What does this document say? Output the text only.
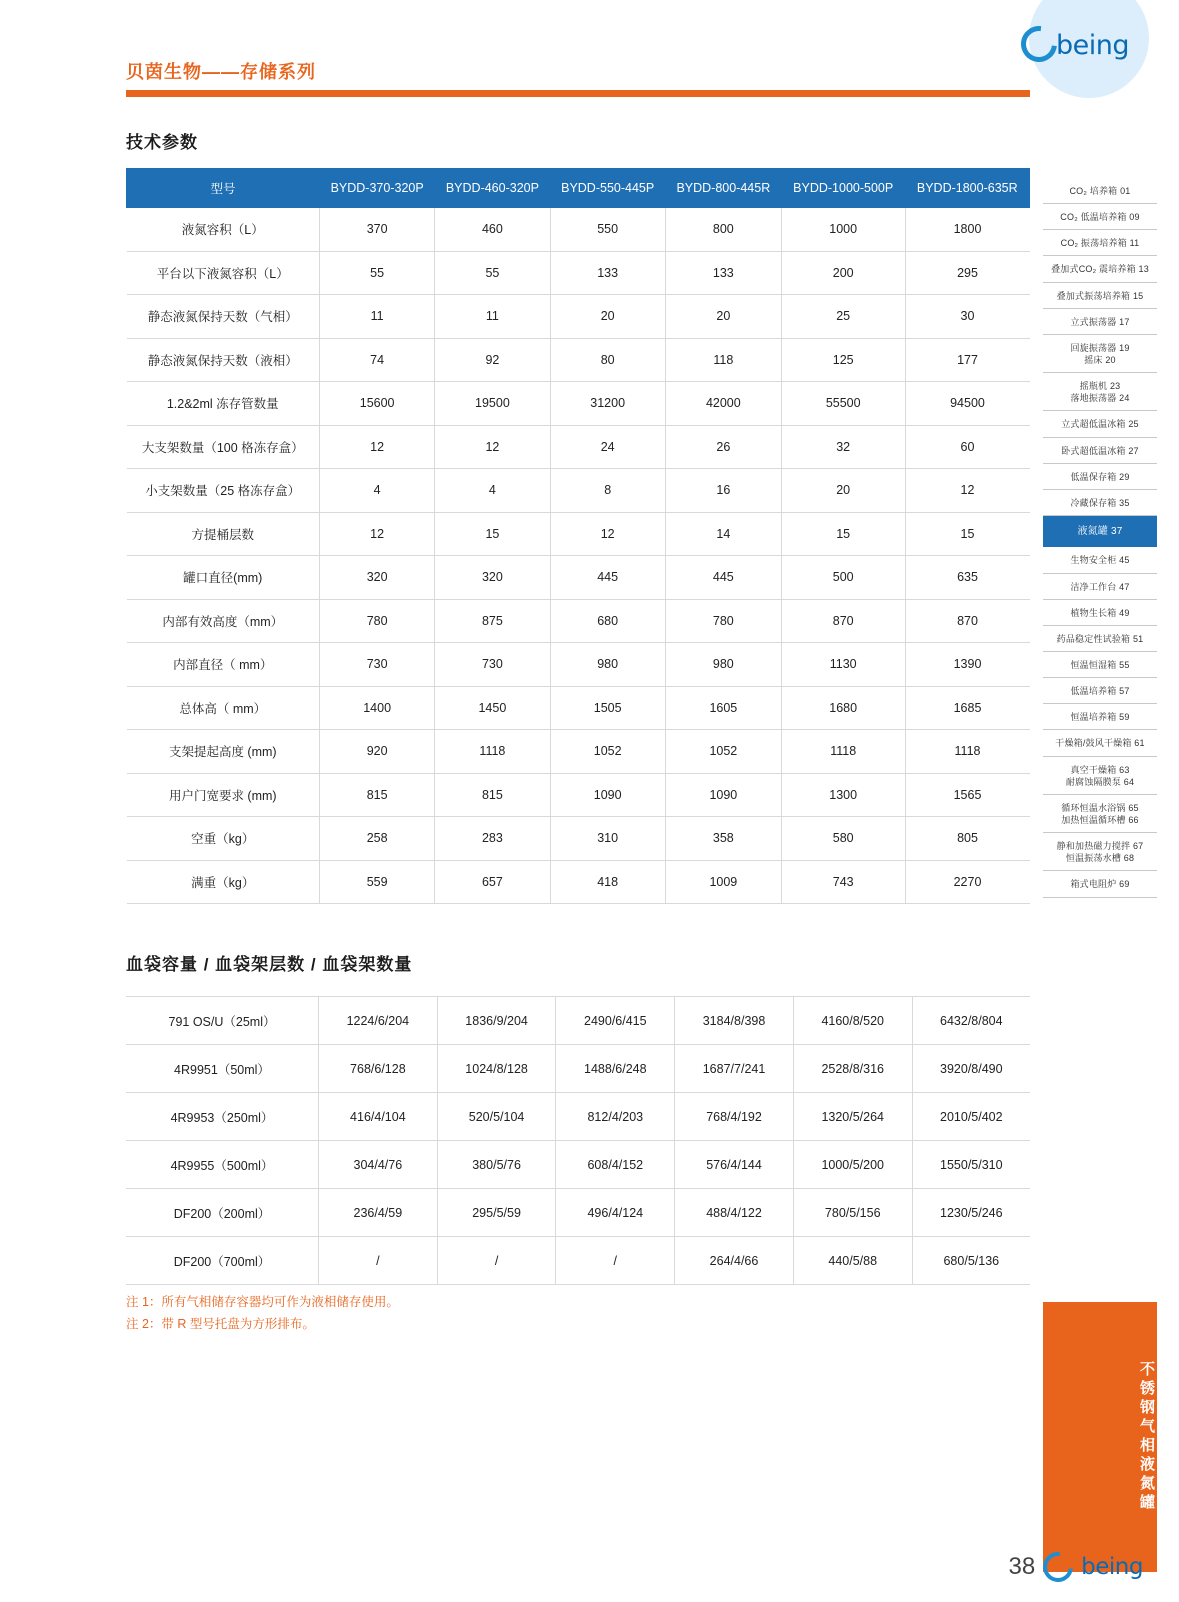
being
贝茵生物——存储系列
技术参数
型号	BYDD-370-320P	BYDD-460-320P	BYDD-550-445P	BYDD-800-445R	BYDD-1000-500P	BYDD-1800-635R
液氮容积（L）	370	460	550	800	1000	1800
平台以下液氮容积（L）	55	55	133	133	200	295
静态液氮保持天数（气相）	11	11	20	20	25	30
静态液氮保持天数（液相）	74	92	80	118	125	177
1.2&2ml 冻存管数量	15600	19500	31200	42000	55500	94500
大支架数量（100 格冻存盒）	12	12	24	26	32	60
小支架数量（25 格冻存盒）	4	4	8	16	20	12
方提桶层数	12	15	12	14	15	15
罐口直径(mm)	320	320	445	445	500	635
内部有效高度（mm）	780	875	680	780	870	870
内部直径（ mm）	730	730	980	980	1130	1390
总体高（ mm）	1400	1450	1505	1605	1680	1685
支架提起高度 (mm)	920	1118	1052	1052	1118	1118
用户门宽要求 (mm)	815	815	1090	1090	1300	1565
空重（kg）	258	283	310	358	580	805
满重（kg）	559	657	418	1009	743	2270
血袋容量 / 血袋架层数 / 血袋架数量
791 OS/U（25ml）	1224/6/204	1836/9/204	2490/6/415	3184/8/398	4160/8/520	6432/8/804
4R9951（50ml）	768/6/128	1024/8/128	1488/6/248	1687/7/241	2528/8/316	3920/8/490
4R9953（250ml）	416/4/104	520/5/104	812/4/203	768/4/192	1320/5/264	2010/5/402
4R9955（500ml）	304/4/76	380/5/76	608/4/152	576/4/144	1000/5/200	1550/5/310
DF200（200ml）	236/4/59	295/5/59	496/4/124	488/4/122	780/5/156	1230/5/246
DF200（700ml）	/	/	/	264/4/66	440/5/88	680/5/136
注 1：所有气相储存容器均可作为液相储存使用。
注 2：带 R 型号托盘为方形排布。
CO₂ 培养箱 01
CO₂ 低温培养箱 09
CO₂ 振荡培养箱 11
叠加式CO₂ 震培养箱 13
叠加式振荡培养箱 15
立式振荡器 17
回旋振荡器 19
摇床 20
摇瓶机 23
落地振荡器 24
立式超低温冰箱 25
卧式超低温冰箱 27
低温保存箱 29
冷藏保存箱 35
液氮罐 37
生物安全柜 45
洁净工作台 47
植物生长箱 49
药品稳定性试验箱 51
恒温恒湿箱 55
低温培养箱 57
恒温培养箱 59
干燥箱/鼓风干燥箱 61
真空干燥箱 63
耐腐蚀隔膜泵 64
循环恒温水浴锅 65
加热恒温循环槽 66
静和加热磁力搅拌 67
恒温振荡水槽 68
箱式电阻炉 69
不锈钢气相液氮罐
38 being
